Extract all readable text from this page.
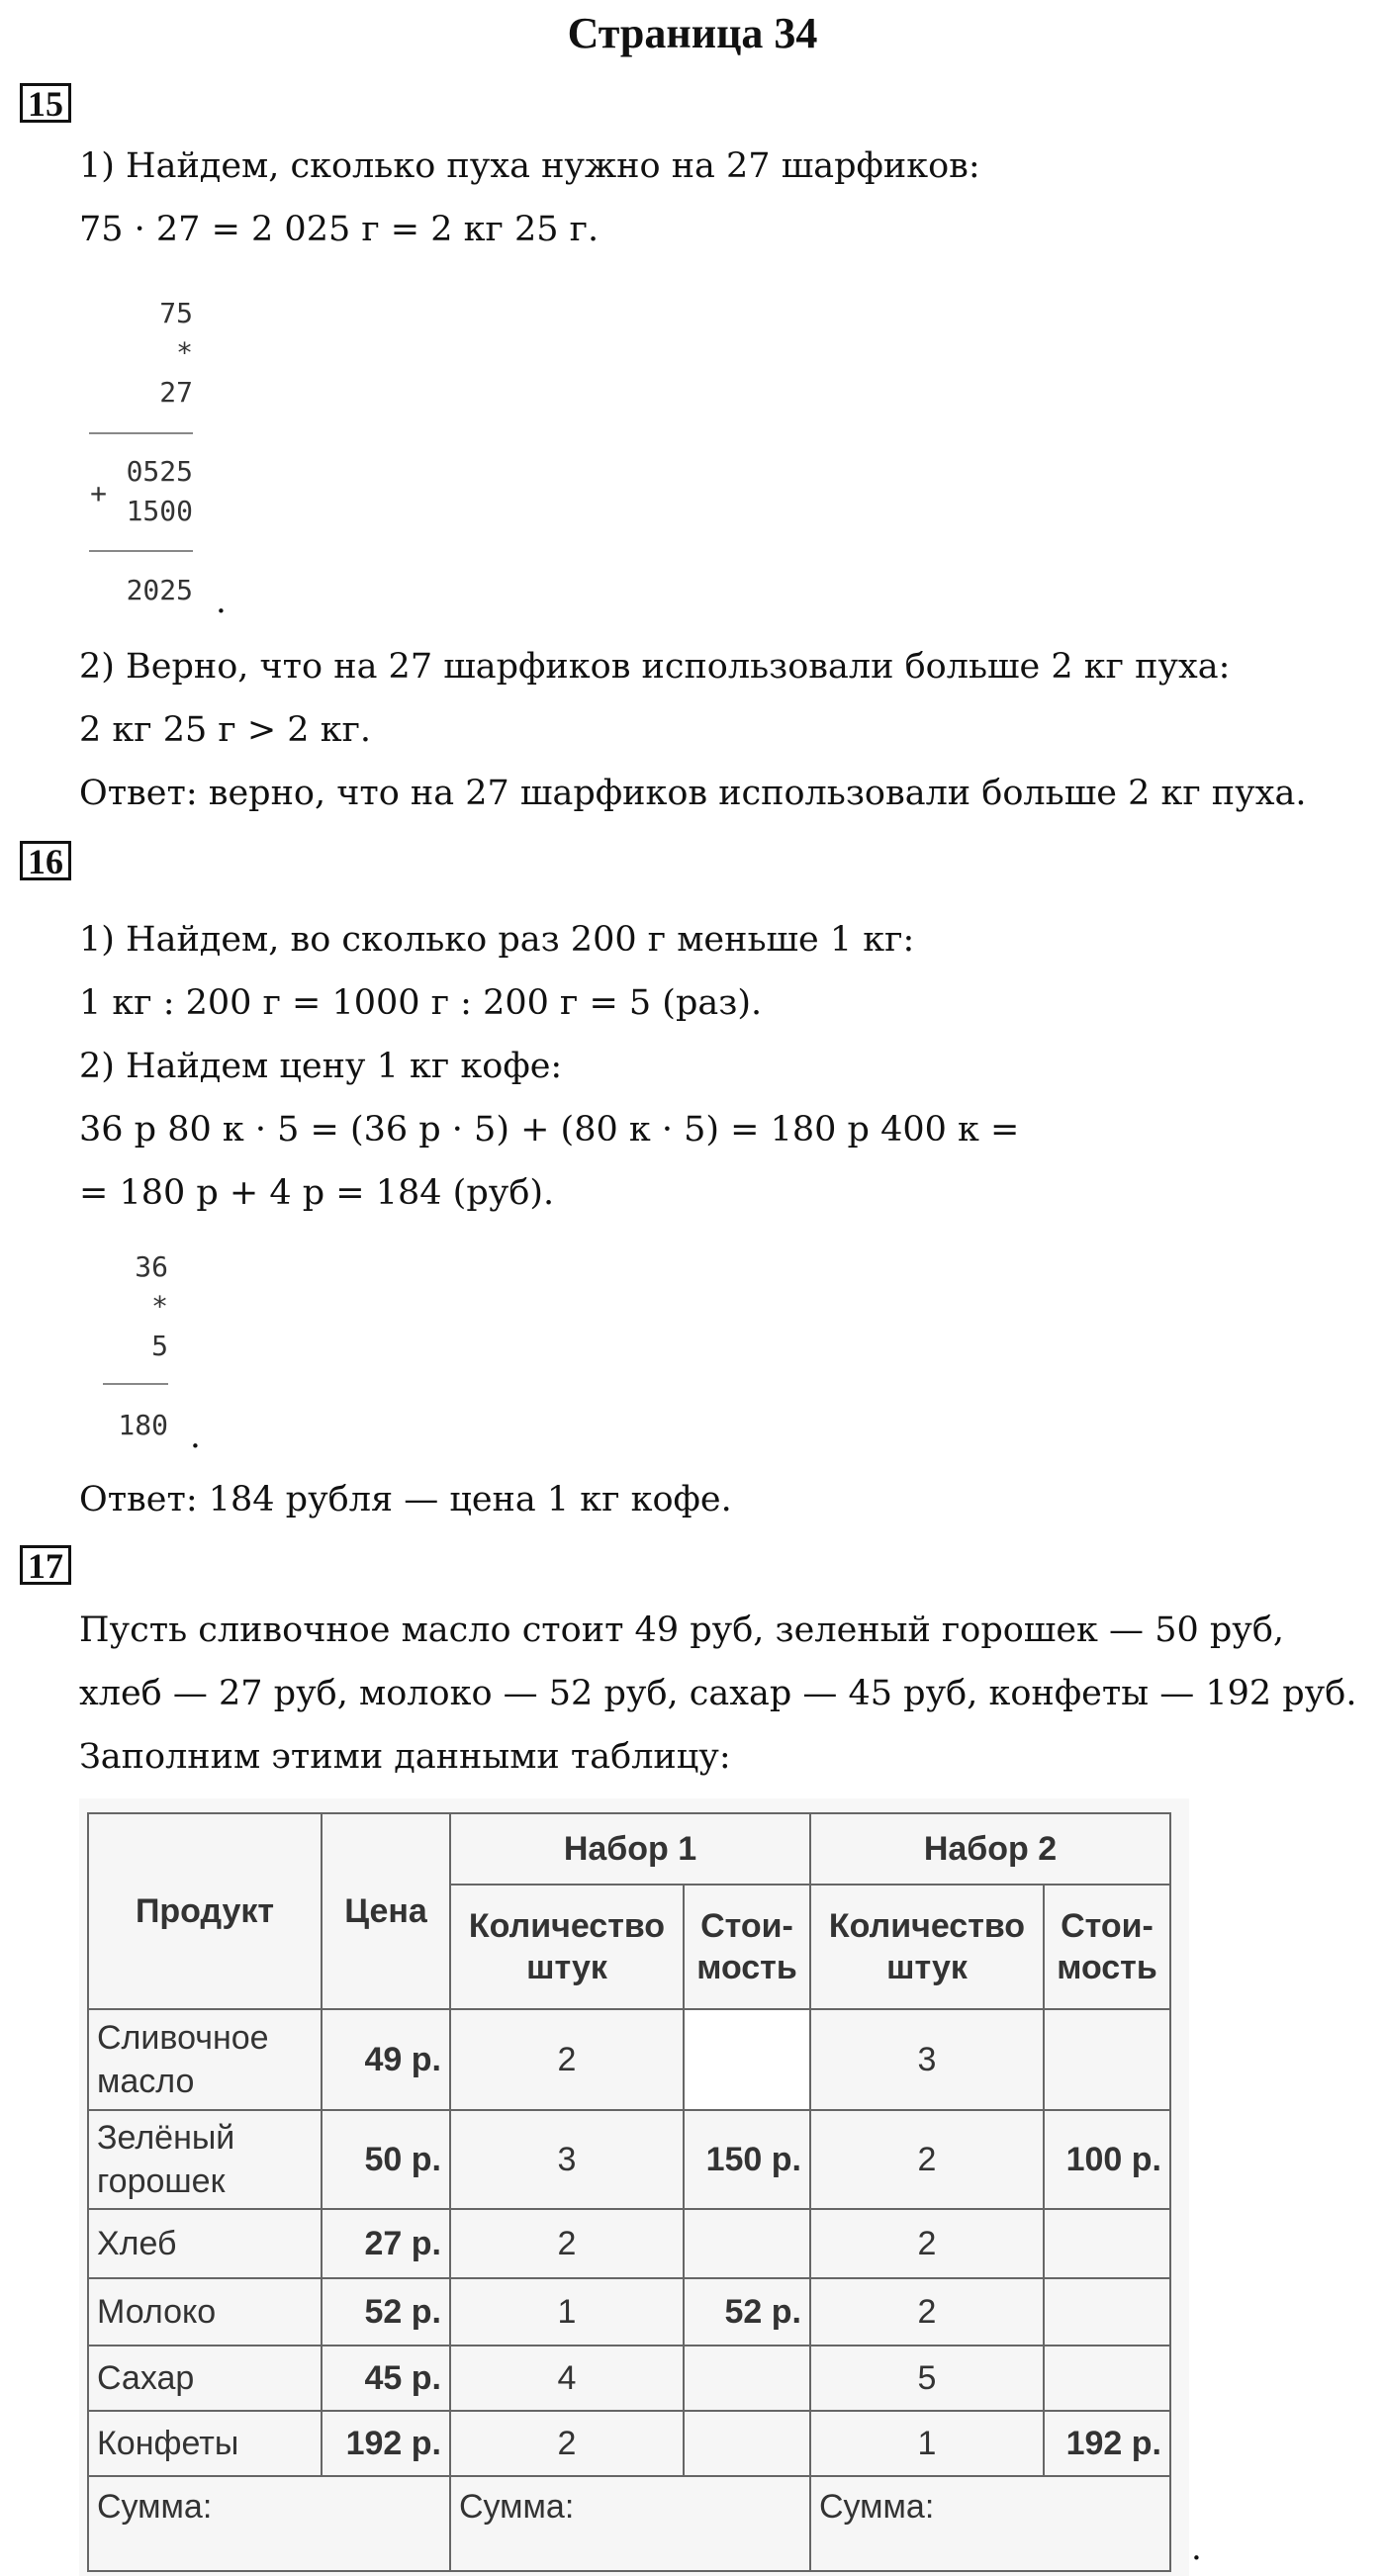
Страница 34
15
1) Найдем, сколько пуха нужно на 27 шарфиков:
75 · 27 = 2 025 г = 2 кг 25 г.
75
*
27
0525
+
1500
2025 .
2) Верно, что на 27 шарфиков использовали больше 2 кг пуха:
2 кг 25 г > 2 кг.
Ответ: верно, что на 27 шарфиков использовали больше 2 кг пуха.
16
1) Найдем, во сколько раз 200 г меньше 1 кг:
1 кг : 200 г = 1000 г : 200 г = 5 (раз).
2) Найдем цену 1 кг кофе:
36 р 80 к · 5 = (36 р · 5) + (80 к · 5) = 180 р 400 к =
= 180 р + 4 р = 184 (руб).
36
*
5
180 .
Ответ: 184 рубля — цена 1 кг кофе.
17
Пусть сливочное масло стоит 49 руб, зеленый горошек — 50 руб,
хлеб — 27 руб, молоко — 52 руб, сахар — 45 руб, конфеты — 192 руб.
Заполним этими данными таблицу:
Продукт	Цена	Набор 1		Набор 2	
		Количество штук	Стои-мость	Количество штук	Стои-мость
Сливочное масло	49 р.	2		3	
Зелёный горошек	50 р.	3	150 р.	2	100 р.
Хлеб	27 р.	2		2	
Молоко	52 р.	1	52 р.	2	
Сахар	45 р.	4		5	
Конфеты	192 р.	2		1	192 р.
Сумма:		Сумма:		Сумма:	
.
